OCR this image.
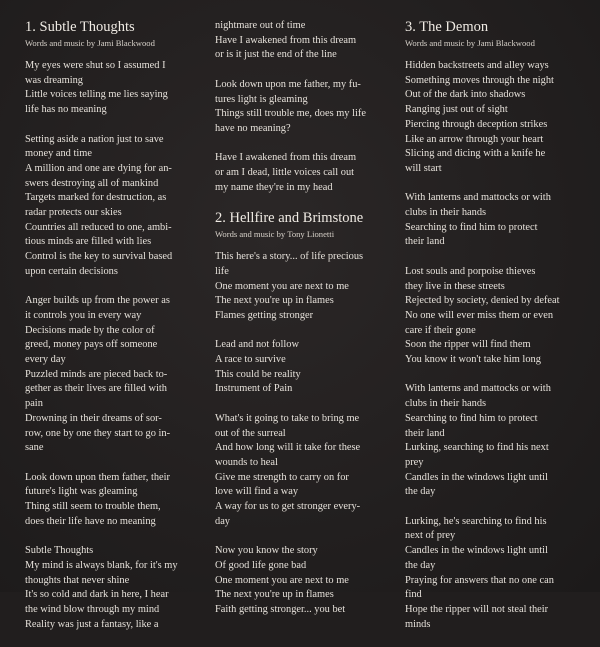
1. Subtle Thoughts
Words and music by Jami Blackwood
My eyes were shut so I assumed I
was dreaming
Little voices telling me lies saying
life has no meaning
Setting aside a nation just to save
money and time
A million and one are dying for an-
swers destroying all of mankind
Targets marked for destruction, as
radar protects our skies
Countries all reduced to one, ambi-
tious minds are filled with lies
Control is the key to survival based
upon certain decisions
Anger builds up from the power as
it controls you in every way
Decisions made by the color of
greed, money pays off someone
every day
Puzzled minds are pieced back to-
gether as their lives are filled with
pain
Drowning in their dreams of sor-
row, one by one they start to go in-
sane
Look down upon them father, their
future's light was gleaming
Thing still seem to trouble them,
does their life have no meaning
Subtle Thoughts
My mind is always blank, for it's my
thoughts that never shine
It's so cold and dark in here, I hear
the wind blow through my mind
Reality was just a fantasy, like a
nightmare out of time
Have I awakened from this dream
or is it just the end of the line
Look down upon me father, my fu-
tures light is gleaming
Things still trouble me, does my life
have no meaning?
Have I awakened from this dream
or am I dead, little voices call out
my name they're in my head
2. Hellfire and Brimstone
Words and music by Tony Lionetti
This here's a story... of life precious
life
One moment you are next to me
The next you're up in flames
Flames getting stronger
Lead and not follow
A race to survive
This could be reality
Instrument of Pain
What's it going to take to bring me
out of the surreal
And how long will it take for these
wounds to heal
Give me strength to carry on for
love will find a way
A way for us to get stronger every-
day
Now you know the story
Of good life gone bad
One moment you are next to me
The next you're up in flames
Faith getting stronger... you bet
3. The Demon
Words and music by Jami Blackwood
Hidden backstreets and alley ways
Something moves through the night
Out of the dark into shadows
Ranging just out of sight
Piercing through deception strikes
Like an arrow through your heart
Slicing and dicing with a knife he
will start
With lanterns and mattocks or with
clubs in their hands
Searching to find him to protect
their land
Lost souls and porpoise thieves
they live in these streets
Rejected by society, denied by defeat
No one will ever miss them or even
care if their gone
Soon the ripper will find them
You know it won't take him long
With lanterns and mattocks or with
clubs in their hands
Searching to find him to protect
their land
Lurking, searching to find his next
prey
Candles in the windows light until
the day
Lurking, he's searching to find his
next of prey
Candles in the windows light until
the day
Praying for answers that no one can
find
Hope the ripper will not steal their
minds
